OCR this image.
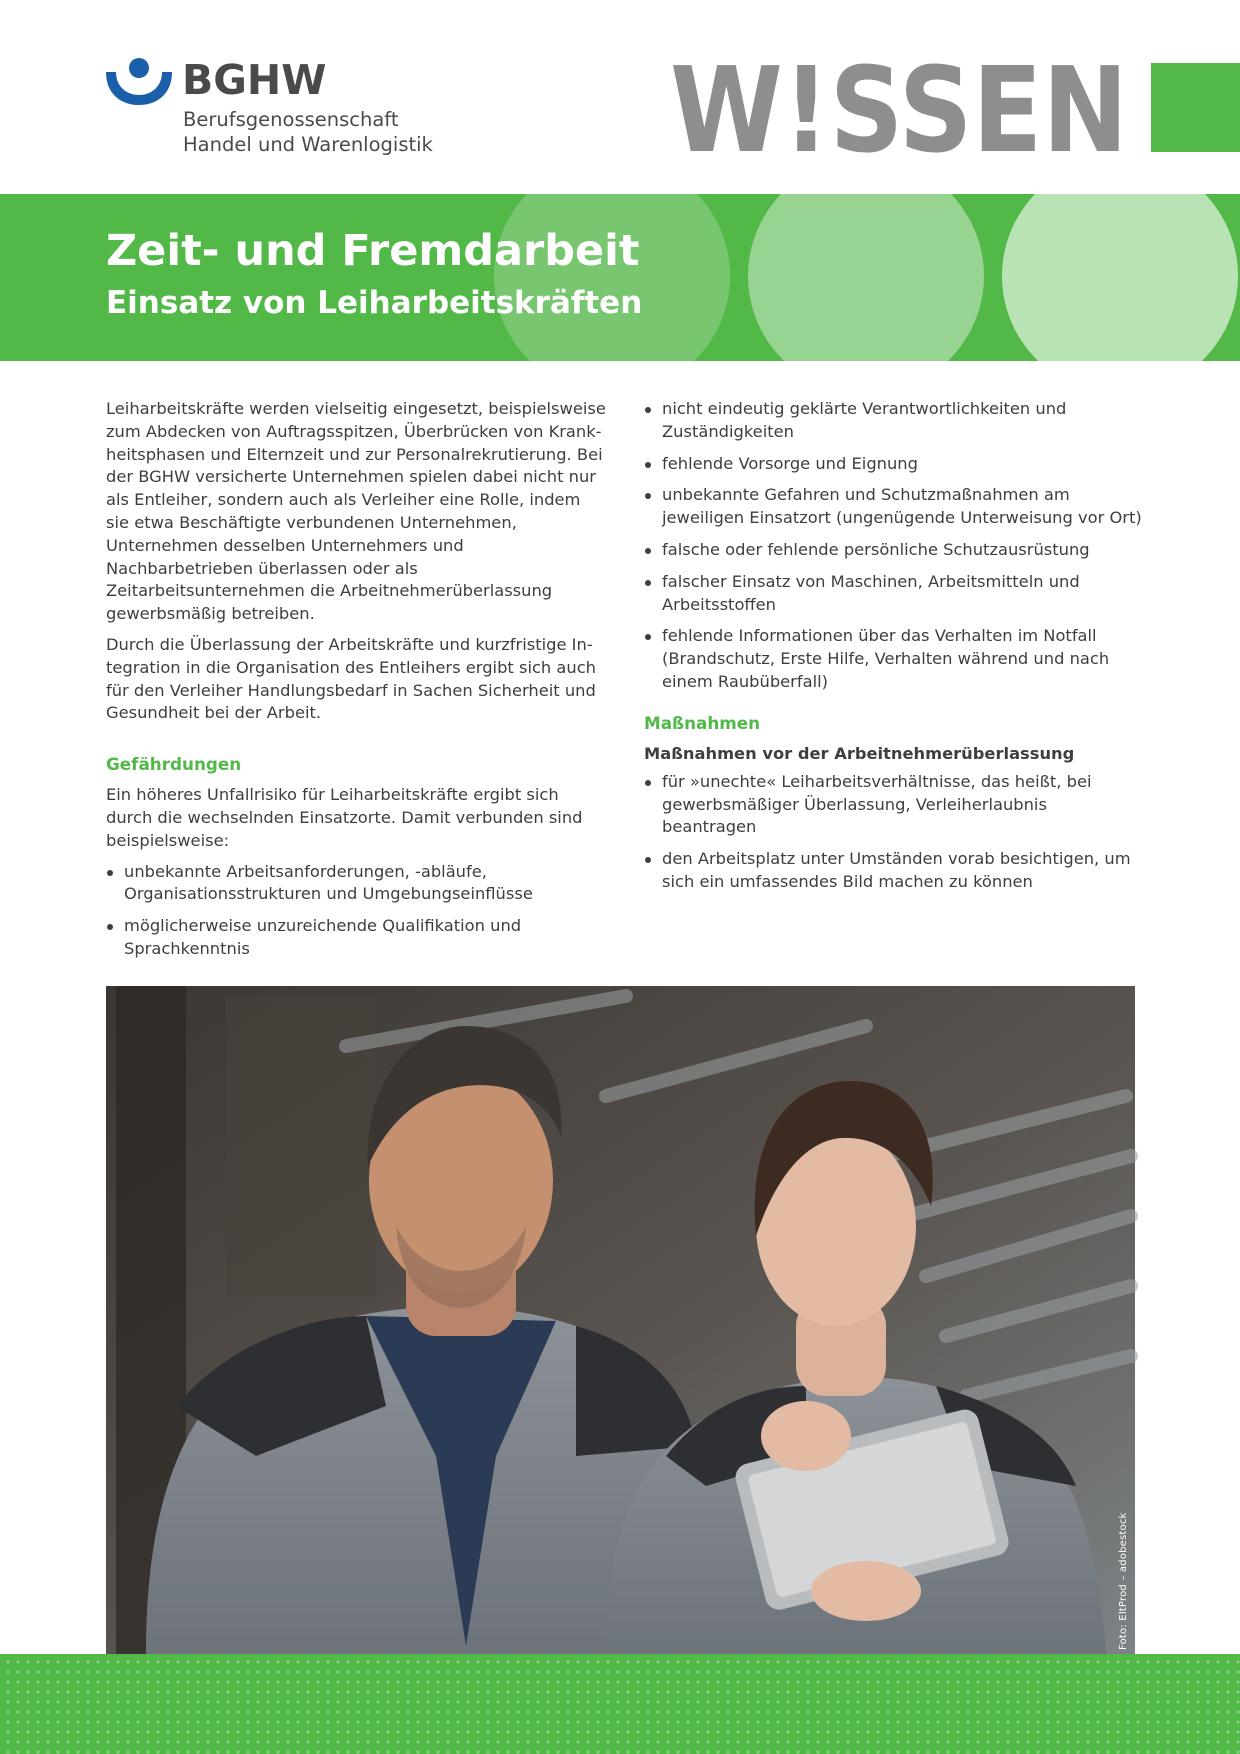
BGHW
Berufsgenossenschaft
Handel und Warenlogistik W!SSEN
Zeit- und Fremdarbeit
Einsatz von Leiharbeitskräften

Leiharbeitskräfte werden vielseitig eingesetzt, beispielsweise zum Abdecken von Auftragsspitzen, Überbrücken von Krankheitsphasen und Elternzeit und zur Personalrekrutierung. Bei der BGHW versicherte Unternehmen spielen dabei nicht nur als Entleiher, sondern auch als Verleiher eine Rolle, indem sie etwa Beschäftigte verbundenen Unternehmen, Unternehmen desselben Unternehmers und Nachbarbetrieben überlassen oder als Zeitarbeitsunternehmen die Arbeitnehmerüberlassung gewerbsmäßig betreiben.

Durch die Überlassung der Arbeitskräfte und kurzfristige Integration in die Organisation des Entleihers ergibt sich auch für den Verleiher Handlungsbedarf in Sachen Sicherheit und Gesundheit bei der Arbeit.

Gefährdungen

Ein höheres Unfallrisiko für Leiharbeitskräfte ergibt sich durch die wechselnden Einsatzorte. Damit verbunden sind beispielsweise:

unbekannte Arbeitsanforderungen, -abläufe, Organisationsstrukturen und Umgebungseinflüsse
möglicherweise unzureichende Qualifikation und Sprachkenntnis
nicht eindeutig geklärte Verantwortlichkeiten und Zuständigkeiten
fehlende Vorsorge und Eignung
unbekannte Gefahren und Schutzmaßnahmen am jeweiligen Einsatzort (ungenügende Unterweisung vor Ort)
falsche oder fehlende persönliche Schutzausrüstung
falscher Einsatz von Maschinen, Arbeitsmitteln und Arbeitsstoffen
fehlende Informationen über das Verhalten im Notfall (Brandschutz, Erste Hilfe, Verhalten während und nach einem Raubüberfall)
Maßnahmen
Maßnahmen vor der Arbeitnehmerüberlassung
für »unechte« Leiharbeitsverhältnisse, das heißt, bei gewerbsmäßiger Überlassung, Verleiherlaubnis beantragen
den Arbeitsplatz unter Umständen vorab besichtigen, um sich ein umfassendes Bild machen zu können
Foto: EltProd – adobestock
